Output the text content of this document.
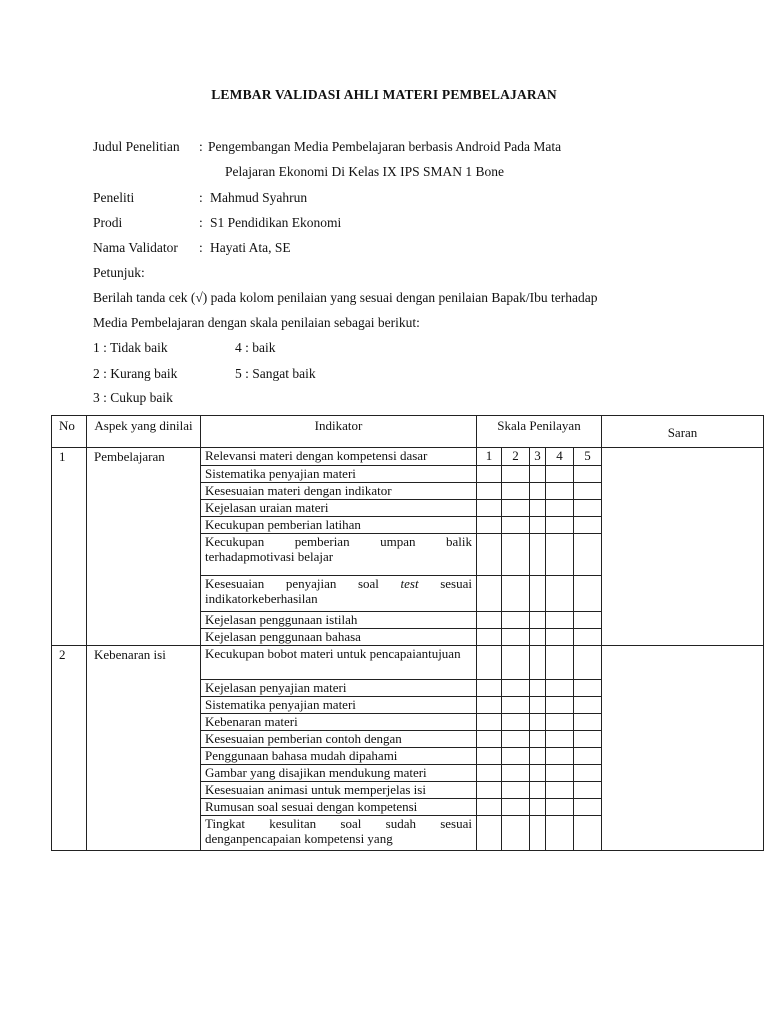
LEMBAR VALIDASI AHLI MATERI PEMBELAJARAN
Judul Penelitian : Pengembangan Media Pembelajaran berbasis Android Pada Mata
Pelajaran Ekonomi Di Kelas IX IPS SMAN 1 Bone
Peneliti	: Mahmud Syahrun
Prodi	: S1 Pendidikan Ekonomi
Nama Validator : Hayati Ata, SE
Petunjuk:
Berilah tanda cek (√) pada kolom penilaian yang sesuai dengan penilaian Bapak/Ibu terhadap
Media Pembelajaran dengan skala penilaian sebagai berikut:
1 : Tidak baik	4 : baik
2 : Kurang baik	5 : Sangat baik
3 : Cukup baik
No	Aspek yang dinilai	Indikator	Skala Penilayan					Saran
1	Pembelajaran	Relevansi materi dengan kompetensi dasar	1	2	3	4	5	
		Sistematika penyajian materi						
		Kesesuaian materi dengan indikator						
		Kejelasan uraian materi						
		Kecukupan pemberian latihan						
		Kecukupan pemberian umpan balik terhadapmotivasi belajar						
		Kesesuaian penyajian soal test sesuai indikatorkeberhasilan						
		Kejelasan penggunaan istilah						
		Kejelasan penggunaan bahasa						
2	Kebenaran isi	Kecukupan bobot materi untuk pencapaiantujuan						
		Kejelasan penyajian materi						
		Sistematika penyajian materi						
		Kebenaran materi						
		Kesesuaian pemberian contoh dengan						
		Penggunaan bahasa mudah dipahami						
		Gambar yang disajikan mendukung materi						
		Kesesuaian animasi untuk memperjelas isi						
		Rumusan soal sesuai dengan kompetensi						
		Tingkat kesulitan soal sudah sesuai denganpencapaian kompetensi yang						
